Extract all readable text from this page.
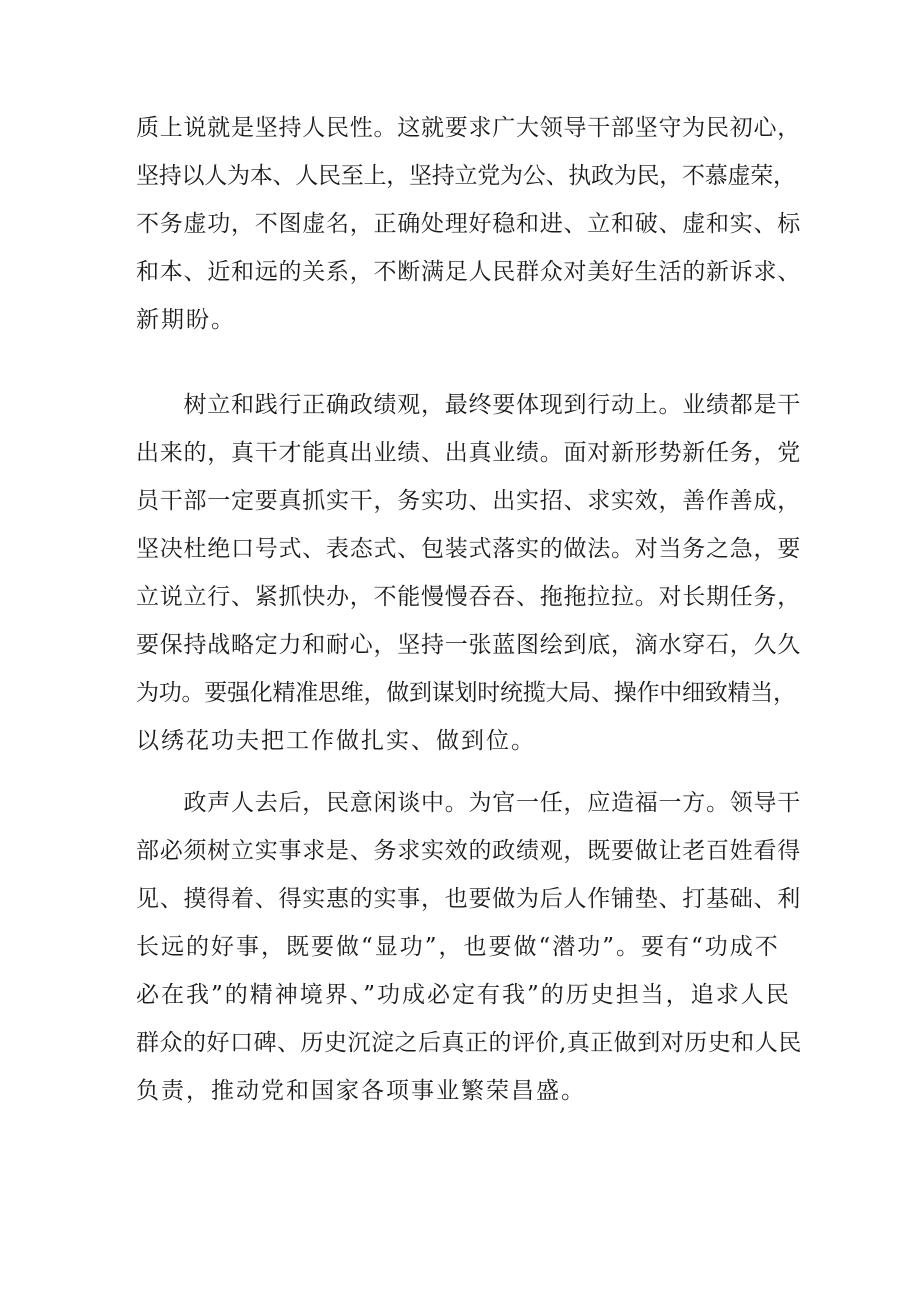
质上说就是坚持人民性。这就要求广大领导干部坚守为民初心，
坚持以人为本、人民至上，坚持立党为公、执政为民，不慕虚荣，
不务虚功，不图虚名，正确处理好稳和进、立和破、虚和实、标
和本、近和远的关系，不断满足人民群众对美好生活的新诉求、
新期盼。
　　树立和践行正确政绩观，最终要体现到行动上。业绩都是干
出来的，真干才能真出业绩、出真业绩。面对新形势新任务，党
员干部一定要真抓实干，务实功、出实招、求实效，善作善成，
坚决杜绝口号式、表态式、包装式落实的做法。对当务之急，要
立说立行、紧抓快办，不能慢慢吞吞、拖拖拉拉。对长期任务，
要保持战略定力和耐心，坚持一张蓝图绘到底，滴水穿石，久久
为功。要强化精准思维，做到谋划时统揽大局、操作中细致精当，
以绣花功夫把工作做扎实、做到位。
　　政声人去后，民意闲谈中。为官一任，应造福一方。领导干
部必须树立实事求是、务求实效的政绩观，既要做让老百姓看得
见、摸得着、得实惠的实事，也要做为后人作铺垫、打基础、利
长远的好事，既要做“显功”，也要做“潜功”。要有“功成不
必在我”的精神境界、”功成必定有我”的历史担当，追求人民
群众的好口碑、历史沉淀之后真正的评价,真正做到对历史和人民
负责，推动党和国家各项事业繁荣昌盛。
